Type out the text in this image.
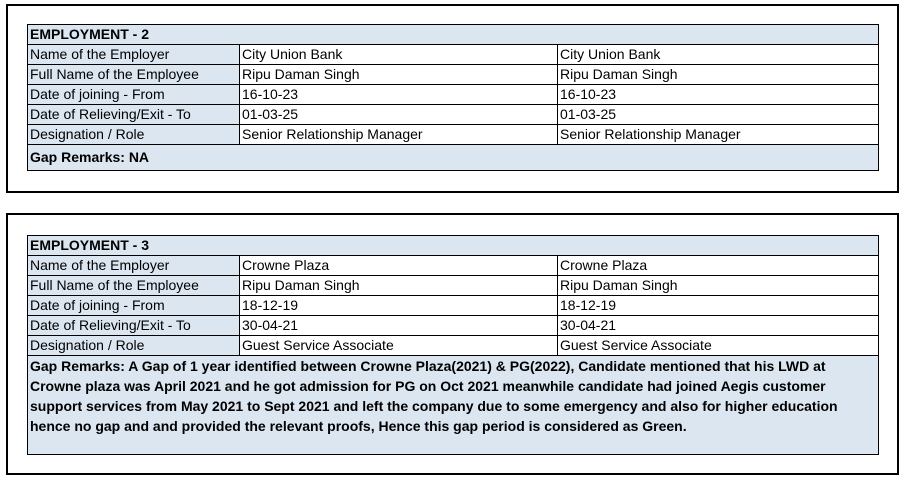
EMPLOYMENT - 2		
Name of the Employer	City Union Bank	City Union Bank
Full Name of the Employee	Ripu Daman Singh	Ripu Daman Singh
Date of joining - From	16-10-23	16-10-23
Date of Relieving/Exit - To	01-03-25	01-03-25
Designation / Role	Senior Relationship Manager	Senior Relationship Manager
Gap Remarks: NA		
EMPLOYMENT - 3		
Name of the Employer	Crowne Plaza	Crowne Plaza
Full Name of the Employee	Ripu Daman Singh	Ripu Daman Singh
Date of joining - From	18-12-19	18-12-19
Date of Relieving/Exit - To	30-04-21	30-04-21
Designation / Role	Guest Service Associate	Guest Service Associate
Gap Remarks: A Gap of 1 year identified between Crowne Plaza(2021) & PG(2022), Candidate mentioned that his LWD at Crowne plaza was April 2021 and he got admission for PG on Oct 2021 meanwhile candidate had joined Aegis customer support services from May 2021 to Sept 2021 and left the company due to some emergency and also for higher education hence no gap and and provided the relevant proofs, Hence this gap period is considered as Green.		
